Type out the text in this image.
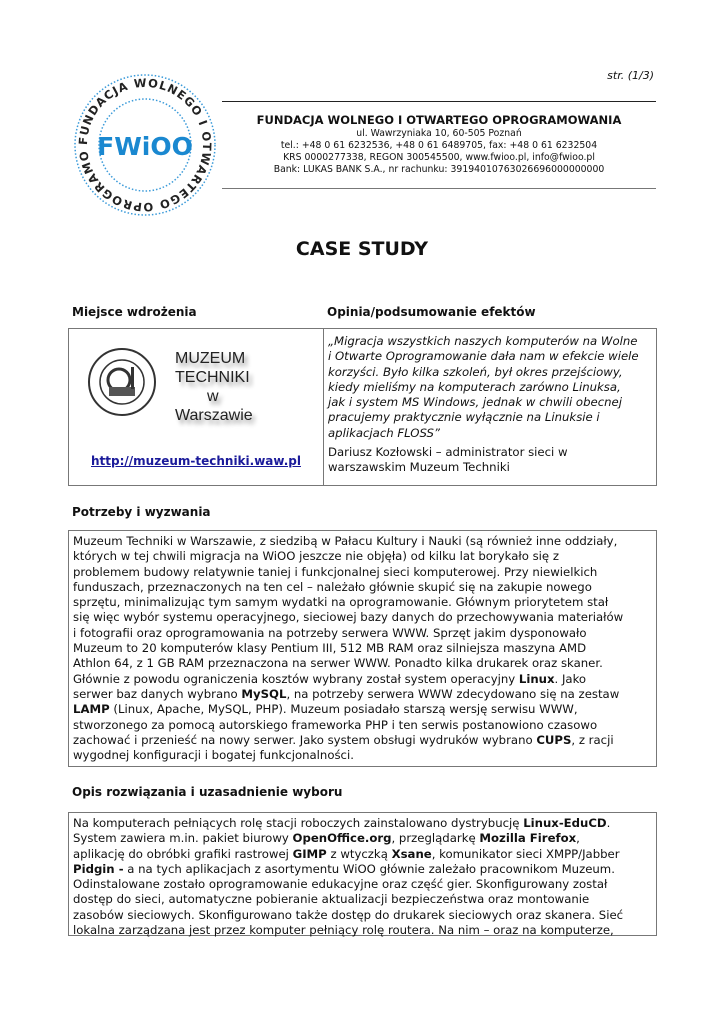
str. (1/3)
FUNDACJA WOLNEGO I OTWARTEGO OPROGRAMO FWiOO
FUNDACJA WOLNEGO I OTWARTEGO OPROGRAMOWANIA
ul. Wawrzyniaka 10, 60-505 Poznań
tel.: +48 0 61 6232536, +48 0 61 6489705, fax: +48 0 61 6232504
KRS 0000277338, REGON 300545500, www.fwioo.pl, info@fwioo.pl
Bank: LUKAS BANK S.A., nr rachunku: 39194010763026696000000000
CASE STUDY
Miejsce wdrożenia	Opinia/podsumowanie efektów
MUZEUM
TECHNIKI
w
Warszawie
http://muzeum-techniki.waw.pl
„Migracja wszystkich naszych komputerów na Wolne
i Otwarte Oprogramowanie dała nam w efekcie wiele
korzyści. Było kilka szkoleń, był okres przejściowy,
kiedy mieliśmy na komputerach zarówno Linuksa,
jak i system MS Windows, jednak w chwili obecnej
pracujemy praktycznie wyłącznie na Linuksie i
aplikacjach FLOSS”
Dariusz Kozłowski – administrator sieci w
warszawskim Muzeum Techniki
Potrzeby i wyzwania
Muzeum Techniki w Warszawie, z siedzibą w Pałacu Kultury i Nauki (są również inne oddziały,
których w tej chwili migracja na WiOO jeszcze nie objęła) od kilku lat borykało się z
problemem budowy relatywnie taniej i funkcjonalnej sieci komputerowej. Przy niewielkich
funduszach, przeznaczonych na ten cel – należało głównie skupić się na zakupie nowego
sprzętu, minimalizując tym samym wydatki na oprogramowanie. Głównym priorytetem stał
się więc wybór systemu operacyjnego, sieciowej bazy danych do przechowywania materiałów
i fotografii oraz oprogramowania na potrzeby serwera WWW. Sprzęt jakim dysponowało
Muzeum to 20 komputerów klasy Pentium III, 512 MB RAM oraz silniejsza maszyna AMD
Athlon 64, z 1 GB RAM przeznaczona na serwer WWW. Ponadto kilka drukarek oraz skaner.
Głównie z powodu ograniczenia kosztów wybrany został system operacyjny Linux. Jako
serwer baz danych wybrano MySQL, na potrzeby serwera WWW zdecydowano się na zestaw
LAMP (Linux, Apache, MySQL, PHP). Muzeum posiadało starszą wersję serwisu WWW,
stworzonego za pomocą autorskiego frameworka PHP i ten serwis postanowiono czasowo
zachować i przenieść na nowy serwer. Jako system obsługi wydruków wybrano CUPS, z racji
wygodnej konfiguracji i bogatej funkcjonalności.
Opis rozwiązania i uzasadnienie wyboru
Na komputerach pełniących rolę stacji roboczych zainstalowano dystrybucję Linux-EduCD.
System zawiera m.in. pakiet biurowy OpenOffice.org, przeglądarkę Mozilla Firefox,
aplikację do obróbki grafiki rastrowej GIMP z wtyczką Xsane, komunikator sieci XMPP/Jabber
Pidgin - a na tych aplikacjach z asortymentu WiOO głównie zależało pracownikom Muzeum.
Odinstalowane zostało oprogramowanie edukacyjne oraz część gier. Skonfigurowany został
dostęp do sieci, automatyczne pobieranie aktualizacji bezpieczeństwa oraz montowanie
zasobów sieciowych. Skonfigurowano także dostęp do drukarek sieciowych oraz skanera. Sieć
lokalna zarządzana jest przez komputer pełniący rolę routera. Na nim – oraz na komputerze,
